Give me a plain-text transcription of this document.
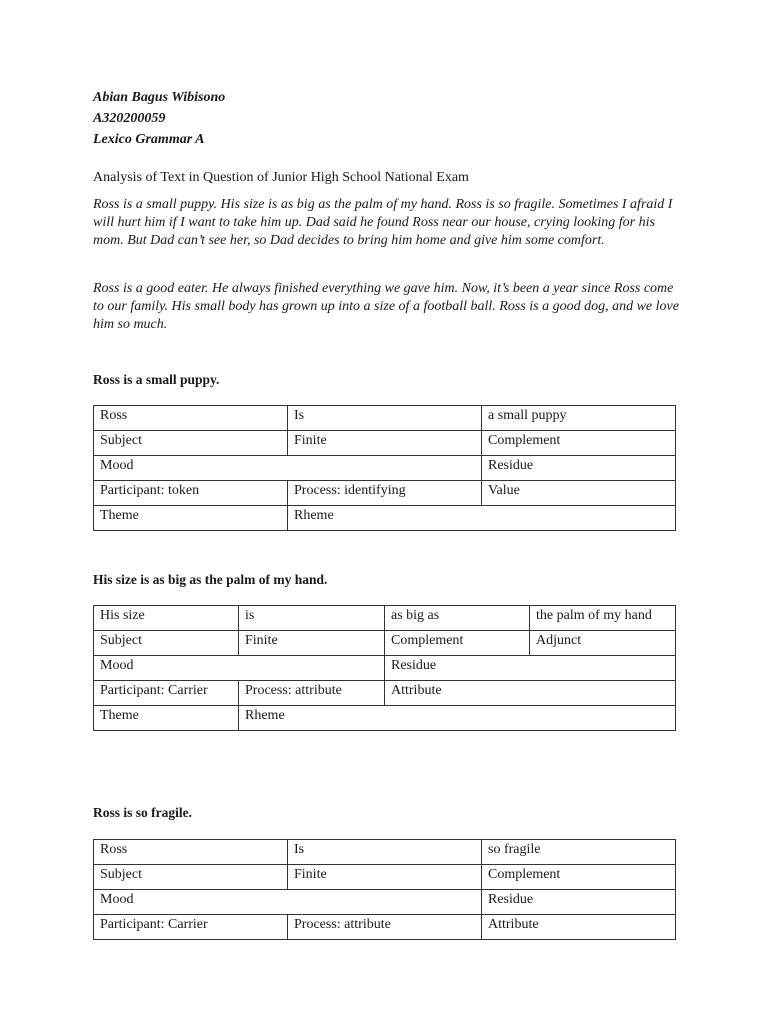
Abian Bagus Wibisono
A320200059
Lexico Grammar A
Analysis of Text in Question of Junior High School National Exam

Ross is a small puppy. His size is as big as the palm of my hand. Ross is so fragile. Sometimes I afraid I will hurt him if I want to take him up. Dad said he found Ross near our house, crying looking for his mom. But Dad can’t see her, so Dad decides to bring him home and give him some comfort.

Ross is a good eater. He always finished everything we gave him. Now, it’s been a year since Ross come to our family. His small body has grown up into a size of a football ball. Ross is a good dog, and we love him so much.

Ross is a small puppy.
Ross	Is	a small puppy
Subject	Finite	Complement
Mood		Residue
Participant: token	Process: identifying	Value
Theme	Rheme	
His size is as big as the palm of my hand.
His size	is	as big as	the palm of my hand
Subject	Finite	Complement	Adjunct
Mood		Residue	
Participant: Carrier	Process: attribute	Attribute	
Theme	Rheme		
Ross is so fragile.
Ross	Is	so fragile
Subject	Finite	Complement
Mood		Residue
Participant: Carrier	Process: attribute	Attribute
